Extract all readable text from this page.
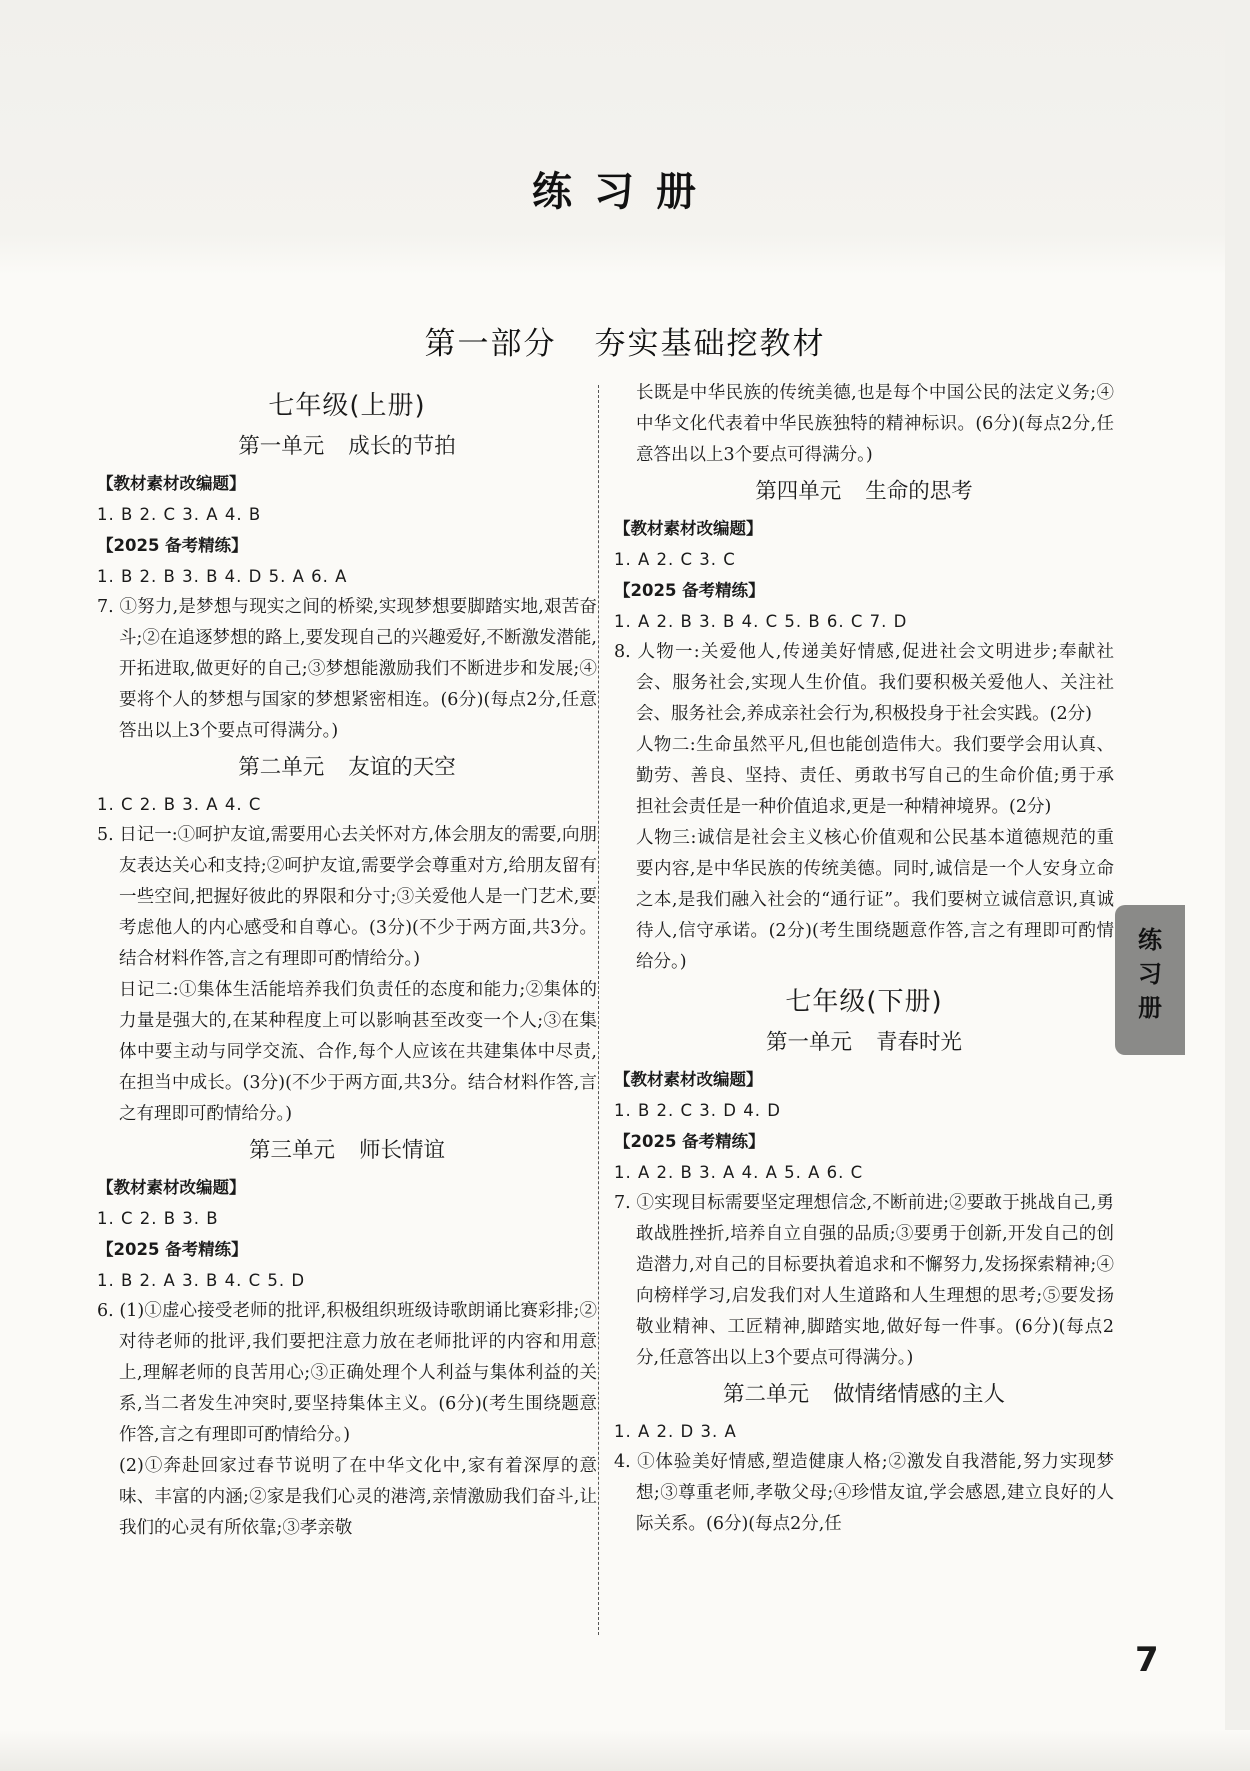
练习册
第一部分 夯实基础挖教材
七年级(上册)
第一单元 成长的节拍
【教材素材改编题】
1. B 2. C 3. A 4. B
【2025 备考精练】
1. B 2. B 3. B 4. D 5. A 6. A
7. ①努力,是梦想与现实之间的桥梁,实现梦想要脚踏实地,艰苦奋斗;②在追逐梦想的路上,要发现自己的兴趣爱好,不断激发潜能,开拓进取,做更好的自己;③梦想能激励我们不断进步和发展;④要将个人的梦想与国家的梦想紧密相连。(6分)(每点2分,任意答出以上3个要点可得满分。)
第二单元 友谊的天空
1. C 2. B 3. A 4. C
5. 日记一:①呵护友谊,需要用心去关怀对方,体会朋友的需要,向朋友表达关心和支持;②呵护友谊,需要学会尊重对方,给朋友留有一些空间,把握好彼此的界限和分寸;③关爱他人是一门艺术,要考虑他人的内心感受和自尊心。(3分)(不少于两方面,共3分。结合材料作答,言之有理即可酌情给分。)
日记二:①集体生活能培养我们负责任的态度和能力;②集体的力量是强大的,在某种程度上可以影响甚至改变一个人;③在集体中要主动与同学交流、合作,每个人应该在共建集体中尽责,在担当中成长。(3分)(不少于两方面,共3分。结合材料作答,言之有理即可酌情给分。)
第三单元 师长情谊
【教材素材改编题】
1. C 2. B 3. B
【2025 备考精练】
1. B 2. A 3. B 4. C 5. D
6. (1)①虚心接受老师的批评,积极组织班级诗歌朗诵比赛彩排;②对待老师的批评,我们要把注意力放在老师批评的内容和用意上,理解老师的良苦用心;③正确处理个人利益与集体利益的关系,当二者发生冲突时,要坚持集体主义。(6分)(考生围绕题意作答,言之有理即可酌情给分。)
(2)①奔赴回家过春节说明了在中华文化中,家有着深厚的意味、丰富的内涵;②家是我们心灵的港湾,亲情激励我们奋斗,让我们的心灵有所依靠;③孝亲敬
长既是中华民族的传统美德,也是每个中国公民的法定义务;④中华文化代表着中华民族独特的精神标识。(6分)(每点2分,任意答出以上3个要点可得满分。)
第四单元 生命的思考
【教材素材改编题】
1. A 2. C 3. C
【2025 备考精练】
1. A 2. B 3. B 4. C 5. B 6. C 7. D
8. 人物一:关爱他人,传递美好情感,促进社会文明进步;奉献社会、服务社会,实现人生价值。我们要积极关爱他人、关注社会、服务社会,养成亲社会行为,积极投身于社会实践。(2分)
人物二:生命虽然平凡,但也能创造伟大。我们要学会用认真、勤劳、善良、坚持、责任、勇敢书写自己的生命价值;勇于承担社会责任是一种价值追求,更是一种精神境界。(2分)
人物三:诚信是社会主义核心价值观和公民基本道德规范的重要内容,是中华民族的传统美德。同时,诚信是一个人安身立命之本,是我们融入社会的“通行证”。我们要树立诚信意识,真诚待人,信守承诺。(2分)(考生围绕题意作答,言之有理即可酌情给分。)
七年级(下册)
第一单元 青春时光
【教材素材改编题】
1. B 2. C 3. D 4. D
【2025 备考精练】
1. A 2. B 3. A 4. A 5. A 6. C
7. ①实现目标需要坚定理想信念,不断前进;②要敢于挑战自己,勇敢战胜挫折,培养自立自强的品质;③要勇于创新,开发自己的创造潜力,对自己的目标要执着追求和不懈努力,发扬探索精神;④向榜样学习,启发我们对人生道路和人生理想的思考;⑤要发扬敬业精神、工匠精神,脚踏实地,做好每一件事。(6分)(每点2分,任意答出以上3个要点可得满分。)
第二单元 做情绪情感的主人
1. A 2. D 3. A
4. ①体验美好情感,塑造健康人格;②激发自我潜能,努力实现梦想;③尊重老师,孝敬父母;④珍惜友谊,学会感恩,建立良好的人际关系。(6分)(每点2分,任
练
习
册
7
